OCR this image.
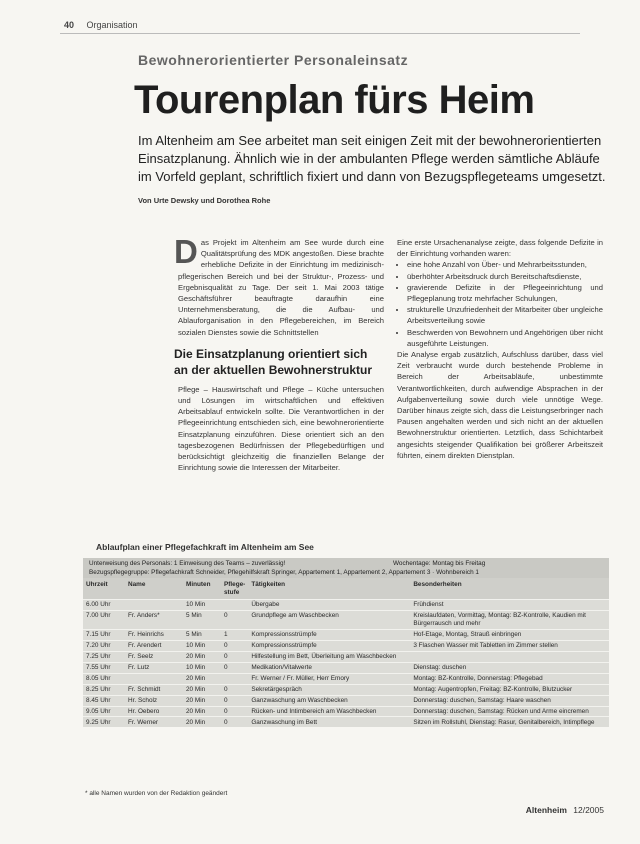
40 Organisation
Bewohnerorientierter Personaleinsatz
Tourenplan fürs Heim
Im Altenheim am See arbeitet man seit einigen Zeit mit der bewohnerorientierten Einsatzplanung. Ähnlich wie in der ambulanten Pflege werden sämtliche Abläufe im Vorfeld geplant, schriftlich fixiert und dann von Bezugspflegeteams umgesetzt.
Von Urte Dewsky und Dorothea Rohe
D as Projekt im Altenheim am See wurde durch eine Qualitätsprüfung des MDK angestoßen. Diese brachte erhebliche Defizite in der Einrichtung im medizinisch-pflegerischen Bereich und bei der Struktur-, Prozess- und Ergebnisqualität zu Tage. Der seit 1. Mai 2003 tätige Geschäftsführer beauftragte daraufhin eine Unternehmensberatung, die die Aufbau- und Ablauforganisation in den Pflegebereichen, im Bereich sozialen Dienstes sowie die Schnittstellen

Die Einsatzplanung orientiert sich an der aktuellen Bewohnerstruktur

Pflege – Hauswirtschaft und Pflege – Küche untersuchen und Lösungen im wirtschaftlichen und effektiven Arbeitsablauf entwickeln sollte. Die Verantwortlichen in der Pflegeeinrichtung entschieden sich, eine bewohnerorientierte Einsatzplanung einzuführen. Diese orientiert sich an den tagesbezogenen Bedürfnissen der Pflegebedürftigen und berücksichtigt gleichzeitig die finanziellen Belange der Einrichtung sowie die Interessen der Mitarbeiter.

Eine erste Ursachenanalyse zeigte, dass folgende Defizite in der Einrichtung vorhanden waren:

• eine hohe Anzahl von Über- und Mehrarbeitsstunden,
• überhöhter Arbeitsdruck durch Bereitschaftsdienste,
• gravierende Defizite in der Pflegeeinrichtung und Pflegeplanung trotz mehrfacher Schulungen,
• strukturelle Unzufriedenheit der Mitarbeiter über ungleiche Arbeitsverteilung sowie
• Beschwerden von Bewohnern und Angehörigen über nicht ausgeführte Leistungen.

Die Analyse ergab zusätzlich, Aufschluss darüber, dass viel Zeit verbraucht wurde durch bestehende Probleme in Bereich der Arbeitsabläufe, unbestimmte Verantwortlichkeiten, durch aufwendige Absprachen in der Aufgabenverteilung sowie durch viele unnötige Wege. Darüber hinaus zeigte sich, dass die Leistungserbringer nach Pausen angehalten werden und sich nicht an der aktuellen Bewohnerstruktur orientierten. Letztlich, dass Schichtarbeit angesichts steigender Qualifikation bei größerer Arbeitszeit führten, einem direkten Dienstplan.

Ablaufplan einer Pflegefachkraft im Altenheim am See
Unterweisung des Personals: 1 Einweisung des Teams – zuverlässig!	Wochentage: Montag bis Freitag
Bezugspflegegruppe: Pflegefachkraft Schneider, Pflegehilfskraft Springer, Appartement 1, Appartement 2, Appartement 3 · Wohnbereich 1
Uhrzeit	Name	Minuten	Pflege-stufe	Tätigkeiten	Besonderheiten
6.00 Uhr		10 Min		Übergabe	Frühdienst
7.00 Uhr	Fr. Anders*	5 Min	0	Grundpflege am Waschbecken	Kreislaufdaten, Vormittag, Montag: BZ-Kontrolle, Kaudien mit Bürgerrausch und mehr
7.15 Uhr	Fr. Heinrichs	5 Min	1	Kompressionsstrümpfe	Hof-Etage, Montag, Strauß einbringen
7.20 Uhr	Fr. Arendert	10 Min	0	Kompressionsstrümpfe	3 Flaschen Wasser mit Tabletten im Zimmer stellen
7.25 Uhr	Fr. Seelz	20 Min	0	Hilfestellung im Bett, Überleitung am Waschbecken	
7.55 Uhr	Fr. Lutz	10 Min	0	Medikation/Vitalwerte	Dienstag: duschen
8.05 Uhr		20 Min		Fr. Werner / Fr. Müller, Herr Emory	Montag: BZ-Kontrolle, Donnerstag: Pflegebad
8.25 Uhr	Fr. Schmidt	20 Min	0	Sekretärgespräch	Montag: Augentropfen, Freitag: BZ-Kontrolle, Blutzucker
8.45 Uhr	Hr. Scholz	20 Min	0	Ganzwaschung am Waschbecken	Donnerstag: duschen, Samstag: Haare waschen
9.05 Uhr	Hr. Oebero	20 Min	0	Rücken- und Intimbereich am Waschbecken	Donnerstag: duschen, Samstag: Rücken und Arme eincremen
9.25 Uhr	Fr. Werner	20 Min	0	Ganzwaschung im Bett	Sitzen im Rollstuhl, Dienstag: Rasur, Genitalbereich, Intimpflege
* alle Namen wurden von der Redaktion geändert
Altenheim 12/2005
